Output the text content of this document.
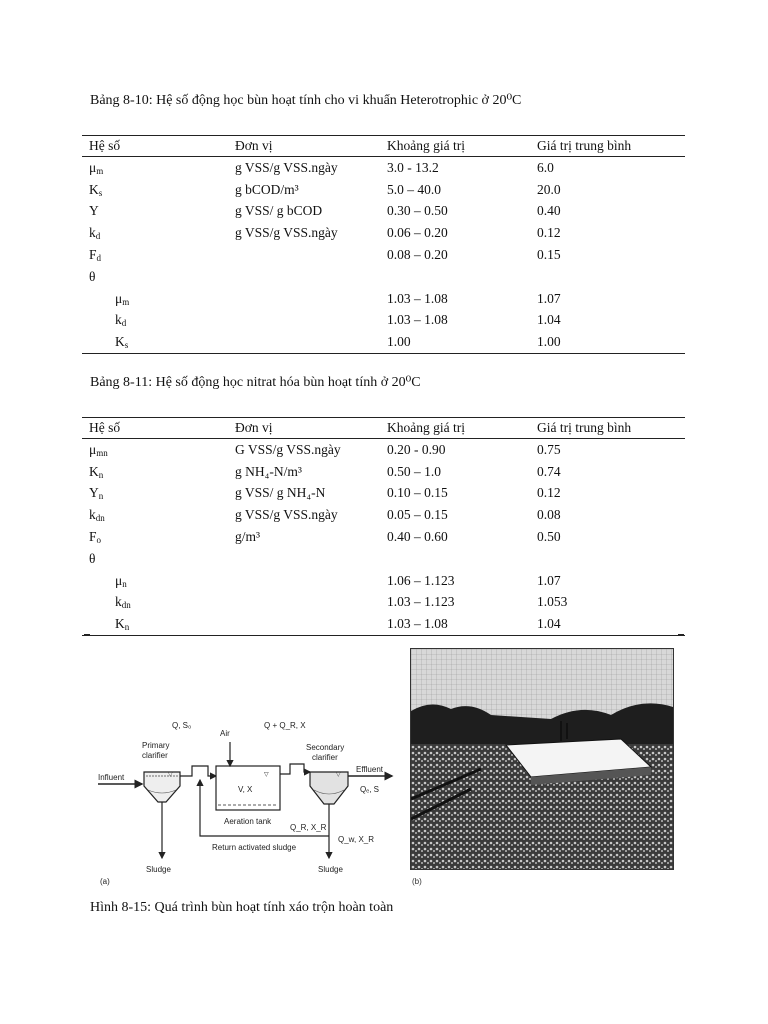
Bảng 8-10: Hệ số động học bùn hoạt tính cho vi khuẩn Heterotrophic ở 20⁰C
Hệ số	Đơn vị	Khoảng giá trị	Giá trị trung bình
$\mu_m$	g VSS/g VSS.ngày	3.0 - 13.2	6.0
$K_s$	g bCOD/m³	5.0 – 40.0	20.0
Y	g VSS/ g bCOD	0.30 – 0.50	0.40
$k_d$	g VSS/g VSS.ngày	0.06 – 0.20	0.12
$F_d$		0.08 – 0.20	0.15
θ			
$\mu_m$		1.03 – 1.08	1.07
$k_d$		1.03 – 1.08	1.04
$K_s$		1.00	1.00
Bảng 8-11: Hệ số động học nitrat hóa bùn hoạt tính ở 20⁰C
Hệ số	Đơn vị	Khoảng giá trị	Giá trị trung bình
$\mu_{mn}$	G VSS/g VSS.ngày	0.20 - 0.90	0.75
$K_n$	g NH₄-N/m³	0.50 – 1.0	0.74
$Y_n$	g VSS/ g NH₄-N	0.10 – 0.15	0.12
$k_{dn}$	g VSS/g VSS.ngày	0.05 – 0.15	0.08
$F_o$	g/m³	0.40 – 0.60	0.50
θ			
$\mu_n$		1.06 – 1.123	1.07
$k_{dn}$		1.03 – 1.123	1.053
$K_n$		1.03 – 1.08	1.04
▽	▽	▽
Q, S₀
Air
Q + Q_R, X
Primary
clarifier
Secondary
clarifier
Influent
Effluent
Qₑ, S
V, X
Aeration tank
Q_R, X_R
Q_w, X_R
Return activated sludge
Sludge	Sludge
(a)	(b)
Hình 8-15: Quá trình bùn hoạt tính xáo trộn hoàn toàn
